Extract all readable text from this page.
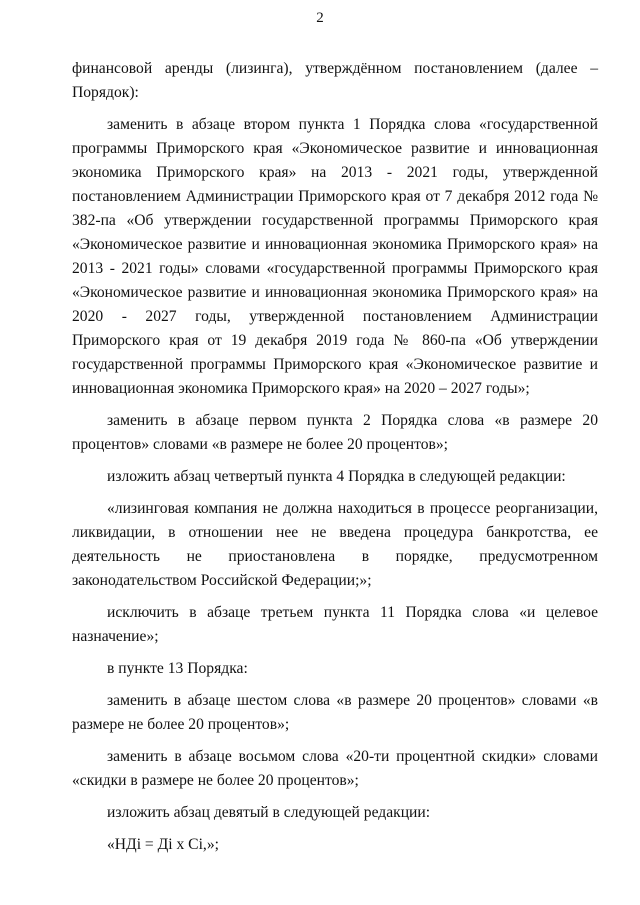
2

финансовой аренды (лизинга), утверждённом постановлением (далее – Порядок):

заменить в абзаце втором пункта 1 Порядка слова «государственной программы Приморского края «Экономическое развитие и инновационная экономика Приморского края» на 2013 - 2021 годы, утвержденной постановлением Администрации Приморского края от 7 декабря 2012 года № 382-па «Об утверждении государственной программы Приморского края «Экономическое развитие и инновационная экономика Приморского края» на 2013 - 2021 годы» словами «государственной программы Приморского края «Экономическое развитие и инновационная экономика Приморского края» на 2020 - 2027 годы, утвержденной постановлением Администрации Приморского края от 19 декабря 2019 года № 860-па «Об утверждении государственной программы Приморского края «Экономическое развитие и инновационная экономика Приморского края» на 2020 – 2027 годы»;

заменить в абзаце первом пункта 2 Порядка слова «в размере 20 процентов» словами «в размере не более 20 процентов»;

изложить абзац четвертый пункта 4 Порядка в следующей редакции:

«лизинговая компания не должна находиться в процессе реорганизации, ликвидации, в отношении нее не введена процедура банкротства, ее деятельность не приостановлена в порядке, предусмотренном законодательством Российской Федерации;»;

исключить в абзаце третьем пункта 11 Порядка слова «и целевое назначение»;

в пункте 13 Порядка:

заменить в абзаце шестом слова «в размере 20 процентов» словами «в размере не более 20 процентов»;

заменить в абзаце восьмом слова «20-ти процентной скидки» словами «скидки в размере не более 20 процентов»;

изложить абзац девятый в следующей редакции:

«НДi = Дi х Ci,»;
